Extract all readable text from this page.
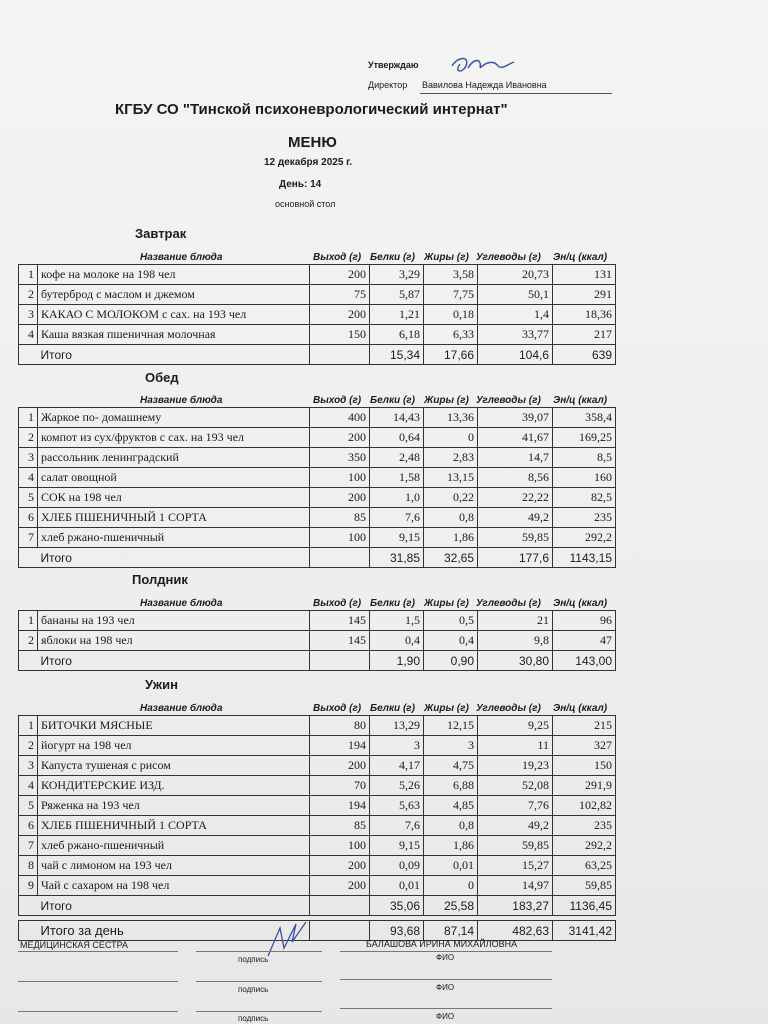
Утверждаю
Директор Вавилова Надежда Ивановна
КГБУ СО "Тинской психоневрологический интернат"
МЕНЮ
12 декабря 2025 г.
День: 14
основной стол
Завтрак
Название блюда	Выход (г) Белки (г) Жиры (г) Углеводы (г) Эн/ц (ккал)
1	кофе на молоке на 198 чел	200	3,29	3,58	20,73	131
2	бутерброд с маслом и джемом	75	5,87	7,75	50,1	291
3	КАКАО С МОЛОКОМ с сах. на 193 чел	200	1,21	0,18	1,4	18,36
4	Каша вязкая пшеничная молочная	150	6,18	6,33	33,77	217
	Итого		15,34	17,66	104,6	639
Обед
Название блюда	Выход (г) Белки (г) Жиры (г) Углеводы (г) Эн/ц (ккал)
1	Жаркое по- домашнему	400	14,43	13,36	39,07	358,4
2	компот из сух/фруктов с сах. на 193 чел	200	0,64	0	41,67	169,25
3	рассольник ленинградский	350	2,48	2,83	14,7	8,5
4	салат овощной	100	1,58	13,15	8,56	160
5	СОК на 198 чел	200	1,0	0,22	22,22	82,5
6	ХЛЕБ ПШЕНИЧНЫЙ 1 СОРТА	85	7,6	0,8	49,2	235
7	хлеб ржано-пшеничный	100	9,15	1,86	59,85	292,2
	Итого		31,85	32,65	177,6	1143,15
Полдник
Название блюда	Выход (г) Белки (г) Жиры (г) Углеводы (г) Эн/ц (ккал)
1	бананы на 193 чел	145	1,5	0,5	21	96
2	яблоки на 198 чел	145	0,4	0,4	9,8	47
	Итого		1,90	0,90	30,80	143,00
Ужин
Название блюда	Выход (г) Белки (г) Жиры (г) Углеводы (г) Эн/ц (ккал)
1	БИТОЧКИ МЯСНЫЕ	80	13,29	12,15	9,25	215
2	йогурт на 198 чел	194	3	3	11	327
3	Капуста тушеная с рисом	200	4,17	4,75	19,23	150
4	КОНДИТЕРСКИЕ ИЗД.	70	5,26	6,88	52,08	291,9
5	Ряженка на 193 чел	194	5,63	4,85	7,76	102,82
6	ХЛЕБ ПШЕНИЧНЫЙ 1 СОРТА	85	7,6	0,8	49,2	235
7	хлеб ржано-пшеничный	100	9,15	1,86	59,85	292,2
8	чай с лимоном на 193 чел	200	0,09	0,01	15,27	63,25
9	Чай с сахаром на 198 чел	200	0,01	0	14,97	59,85
	Итого		35,06	25,58	183,27	1136,45
	Итого за день		93,68	87,14	482,63	3141,42
МЕДИЦИНСКАЯ СЕСТРА	БАЛАШОВА ИРИНА МИХАЙЛОВНА
подпись	ФИО
подпись	ФИО
подпись	ФИО
